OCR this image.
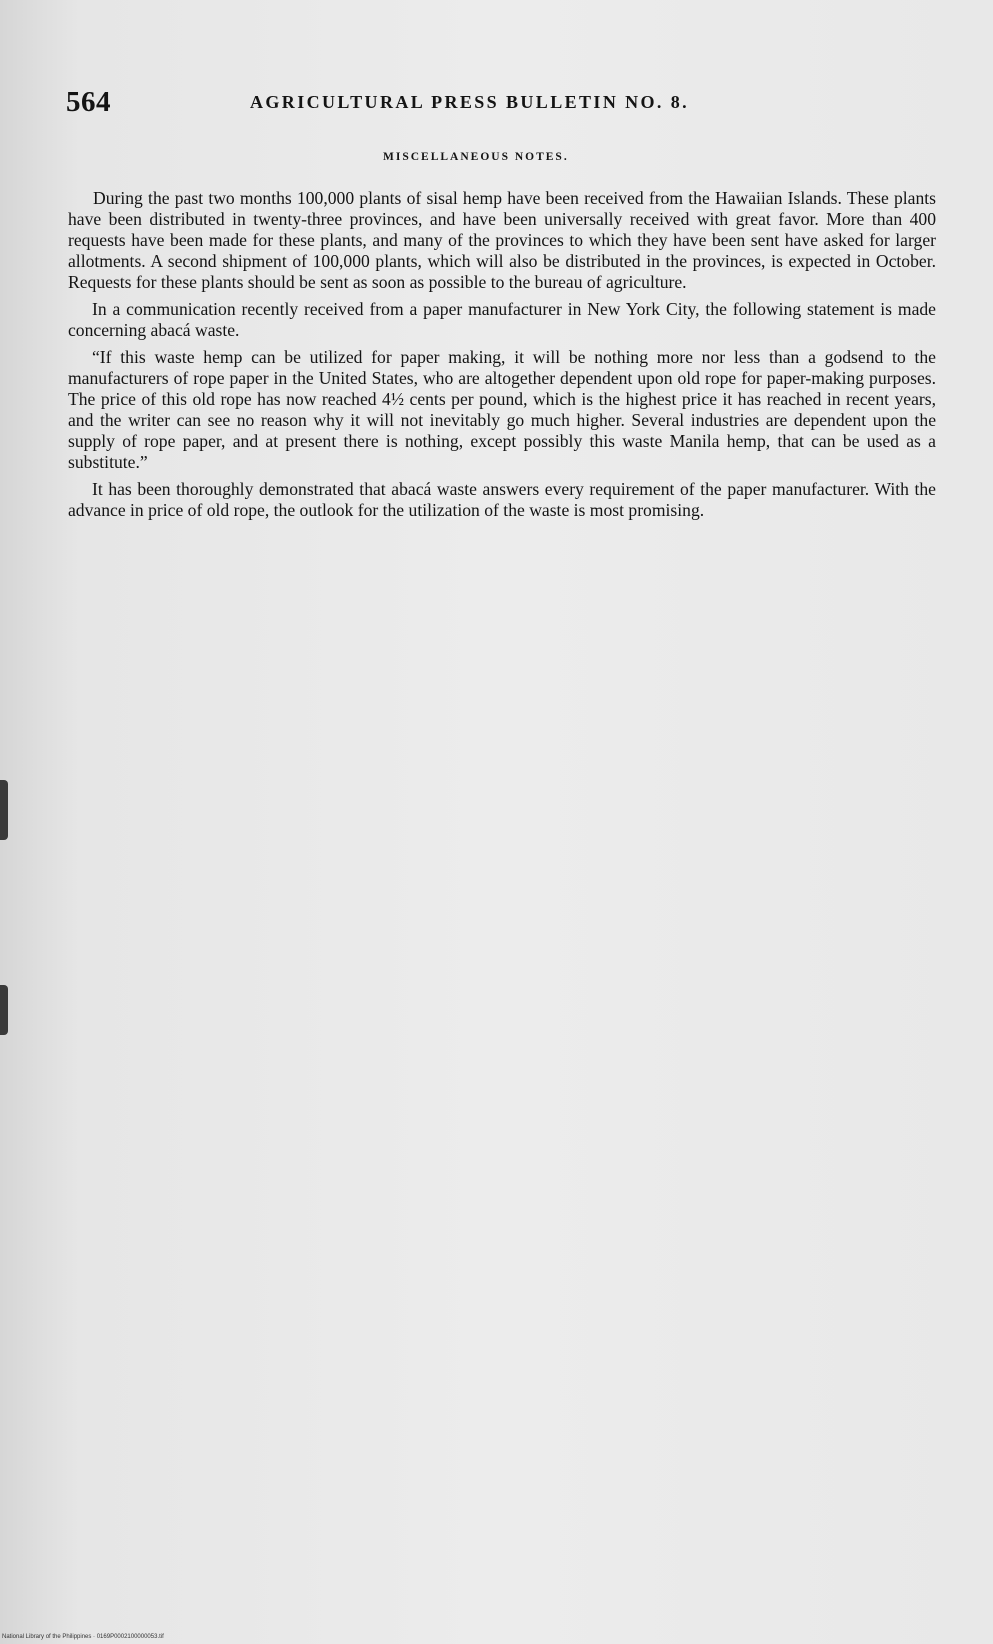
564	AGRICULTURAL PRESS BULLETIN NO. 8.
MISCELLANEOUS NOTES.

During the past two months 100,000 plants of sisal hemp have been received from the Hawaiian Islands. These plants have been distributed in twenty-three provinces, and have been universally received with great favor. More than 400 requests have been made for these plants, and many of the provinces to which they have been sent have asked for larger allotments. A second shipment of 100,000 plants, which will also be distributed in the provinces, is expected in October. Requests for these plants should be sent as soon as possible to the bureau of agriculture.

In a communication recently received from a paper manufacturer in New York City, the following statement is made concerning abacá waste.

“If this waste hemp can be utilized for paper making, it will be nothing more nor less than a godsend to the manufacturers of rope paper in the United States, who are altogether dependent upon old rope for paper-making purposes. The price of this old rope has now reached 4½ cents per pound, which is the highest price it has reached in recent years, and the writer can see no reason why it will not inevitably go much higher. Several industries are dependent upon the supply of rope paper, and at present there is nothing, except possibly this waste Manila hemp, that can be used as a substitute.”

It has been thoroughly demonstrated that abacá waste answers every requirement of the paper manufacturer. With the advance in price of old rope, the outlook for the utilization of the waste is most promising.

National Library of the Philippines · 0169P0002100000053.tif
